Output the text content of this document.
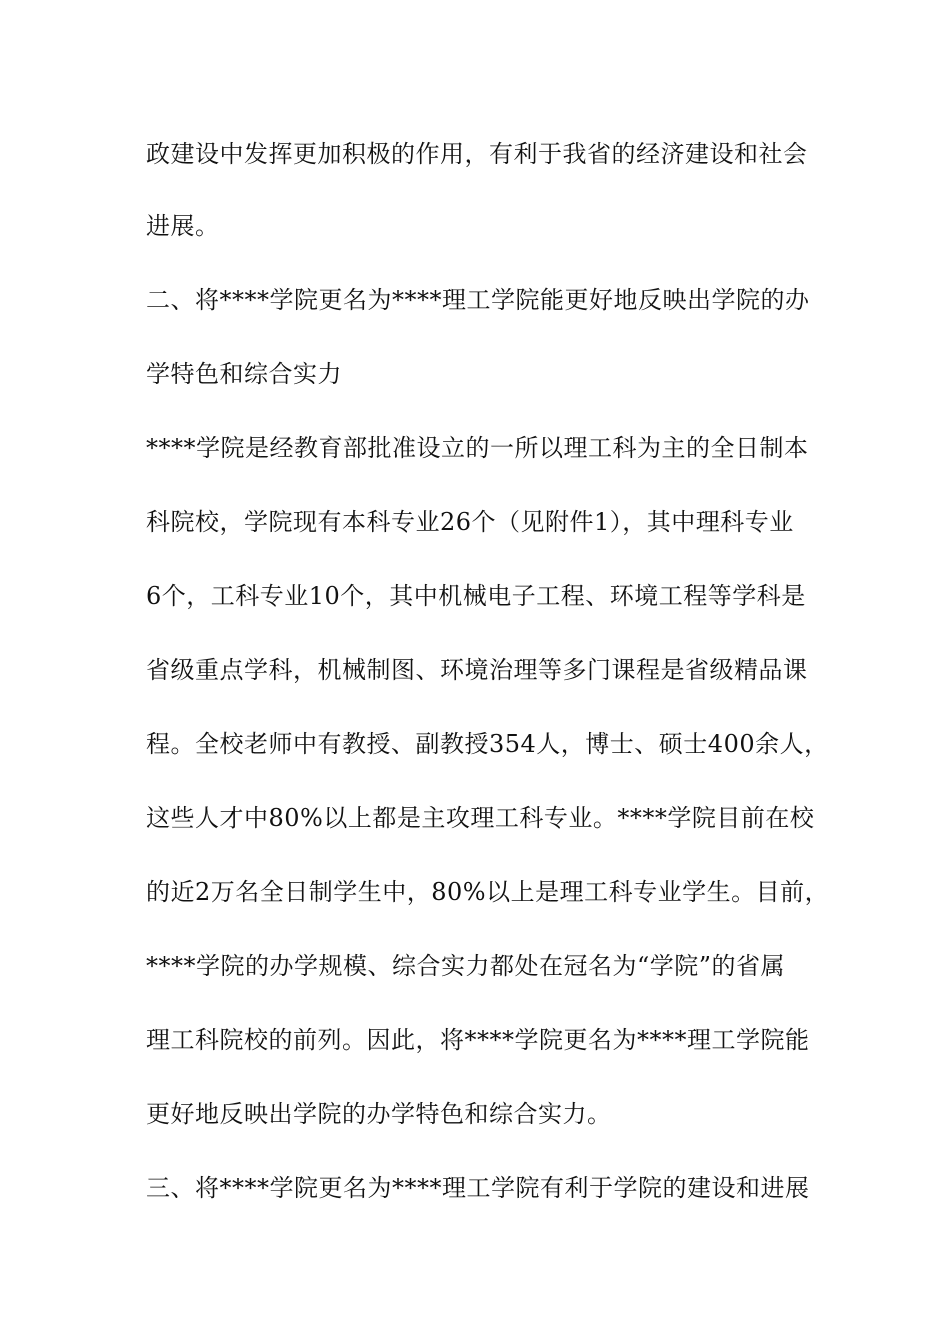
政建设中发挥更加积极的作用，有利于我省的经济建设和社会
进展。
二、将****学院更名为****理工学院能更好地反映出学院的办
学特色和综合实力
****学院是经教育部批准设立的一所以理工科为主的全日制本
科院校，学院现有本科专业26个（见附件1），其中理科专业
6个，工科专业10个，其中机械电子工程、环境工程等学科是
省级重点学科，机械制图、环境治理等多门课程是省级精品课
程。全校老师中有教授、副教授354人，博士、硕士400余人，
这些人才中80%以上都是主攻理工科专业。****学院目前在校
的近2万名全日制学生中，80%以上是理工科专业学生。目前，
****学院的办学规模、综合实力都处在冠名为“学院”的省属
理工科院校的前列。因此，将****学院更名为****理工学院能
更好地反映出学院的办学特色和综合实力。
三、将****学院更名为****理工学院有利于学院的建设和进展
